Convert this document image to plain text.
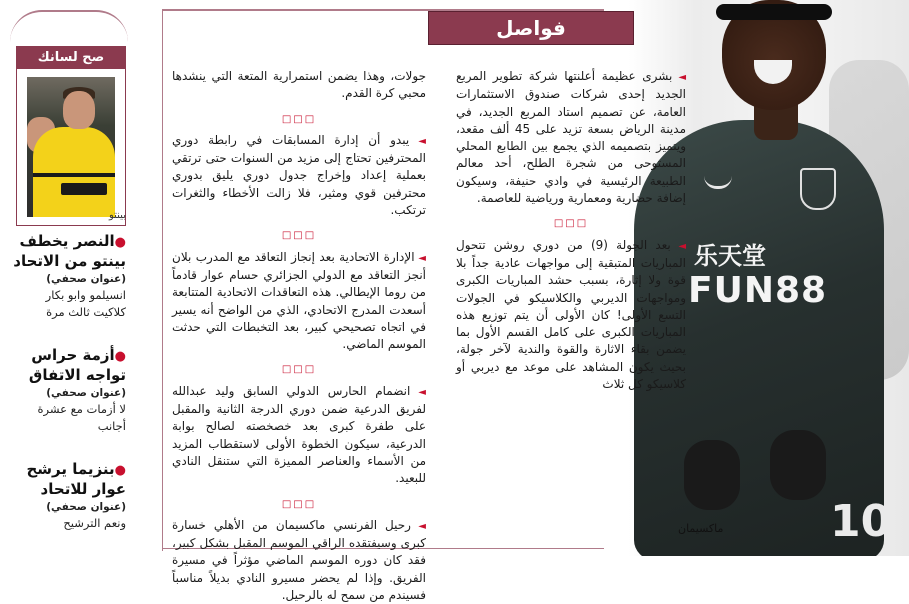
صح لسانك
بينتو
●النصر يخطف بينتو من الاتحاد
(عنوان صحفي)
انسيلمو وابو بكار كلاكيت ثالث مرة
●أزمة حراس تواجه الاتفاق
(عنوان صحفي)
لا أزمات مع عشرة أجانب
●بنزيما يرشح عوار للاتحاد
(عنوان صحفي)
ونعم الترشيح
乐天堂
FUN88
10
ماكسيمان
فواصل

◄ بشرى عظيمة أعلنتها شركة تطوير المربع الجديد إحدى شركات صندوق الاستثمارات العامة، عن تصميم استاد المربع الجديد، في مدينة الرياض بسعة تزيد على 45 ألف مقعد، ويتميز بتصميمه الذي يجمع بين الطابع المحلي المستوحى من شجرة الطلح، أحد معالم الطبيعة الرئيسية في وادي حنيفة، وسيكون إضافة حضارية ومعمارية ورياضية للعاصمة.

□□□

◄ بعد الجولة (9) من دوري روشن تتحول المباريات المتبقية إلى مواجهات عادية جداً بلا قوة ولا إثارة، بسبب حشد المباريات الكبرى ومواجهات الديربي والكلاسيكو في الجولات التسع الأولى! كان الأولى أن يتم توزيع هذه المباريات الكبرى على كامل القسم الأول بما يضمن بقاء الاثارة والقوة والندية لآخر جولة، بحيث يكون المشاهد على موعد مع ديربي أو كلاسيكو كل ثلاث

جولات، وهذا يضمن استمرارية المتعة التي ينشدها محبي كرة القدم.

□□□

◄ يبدو أن إدارة المسابقات في رابطة دوري المحترفين تحتاج إلى مزيد من السنوات حتى ترتقي بعملية إعداد وإخراج جدول دوري يليق بدوري محترفين قوي ومثير، فلا زالت الأخطاء والثغرات ترتكب.

□□□

◄ الإدارة الاتحادية بعد إنجاز التعاقد مع المدرب بلان أنجز التعاقد مع الدولي الجزائري حسام عوار قادماً من روما الإيطالي. هذه التعاقدات الاتحادية المتتابعة أسعدت المدرج الاتحادي، الذي من الواضح أنه يسير في اتجاه تصحيحي كبير، بعد التخبطات التي حدثت الموسم الماضي.

□□□

◄ انضمام الحارس الدولي السابق وليد عبدالله لفريق الدرعية ضمن دوري الدرجة الثانية والمقبل على طفرة كبرى بعد خصخصته لصالح بوابة الدرعية، سيكون الخطوة الأولى لاستقطاب المزيد من الأسماء والعناصر المميزة التي ستنقل النادي للبعيد.

□□□

◄ رحيل الفرنسي ماكسيمان من الأهلي خسارة كبرى وسيفتقده الراقي الموسم المقبل بشكل كبير، فقد كان دوره الموسم الماضي مؤثراً في مسيرة الفريق. وإذا لم يحضر مسيرو النادي بديلاً مناسباً فسيندم من سمح له بالرحيل.
